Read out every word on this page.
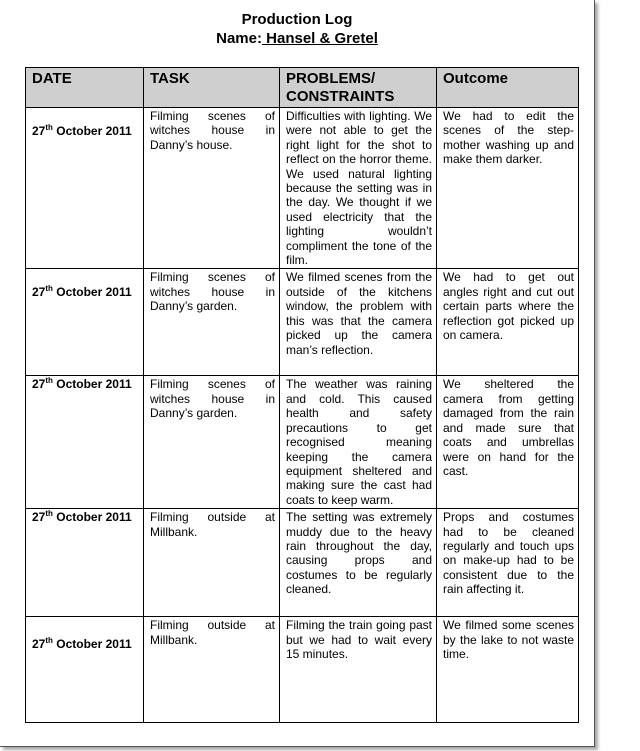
Production Log
Name: Hansel & Gretel
DATE	TASK	PROBLEMS/ CONSTRAINTS	Outcome
27th October 2011	Filming scenes of witches house in Danny’s house.	Difficulties with lighting. We were not able to get the right light for the shot to reflect on the horror theme. We used natural lighting because the setting was in the day. We thought if we used electricity that the lighting wouldn’t compliment the tone of the film.	We had to edit the scenes of the step-mother washing up and make them darker.
27th October 2011	Filming scenes of witches house in Danny’s garden.	We filmed scenes from the outside of the kitchens window, the problem with this was that the camera picked up the camera man’s reflection.	We had to get out angles right and cut out certain parts where the reflection got picked up on camera.
27th October 2011	Filming scenes of witches house in Danny’s garden.	The weather was raining and cold. This caused health and safety precautions to get recognised meaning keeping the camera equipment sheltered and making sure the cast had coats to keep warm.	We sheltered the camera from getting damaged from the rain and made sure that coats and umbrellas were on hand for the cast.
27th October 2011	Filming outside at Millbank.	The setting was extremely muddy due to the heavy rain throughout the day, causing props and costumes to be regularly cleaned.	Props and costumes had to be cleaned regularly and touch ups on make-up had to be consistent due to the rain affecting it.
27th October 2011	Filming outside at Millbank.	Filming the train going past but we had to wait every 15 minutes.	We filmed some scenes by the lake to not waste time.
